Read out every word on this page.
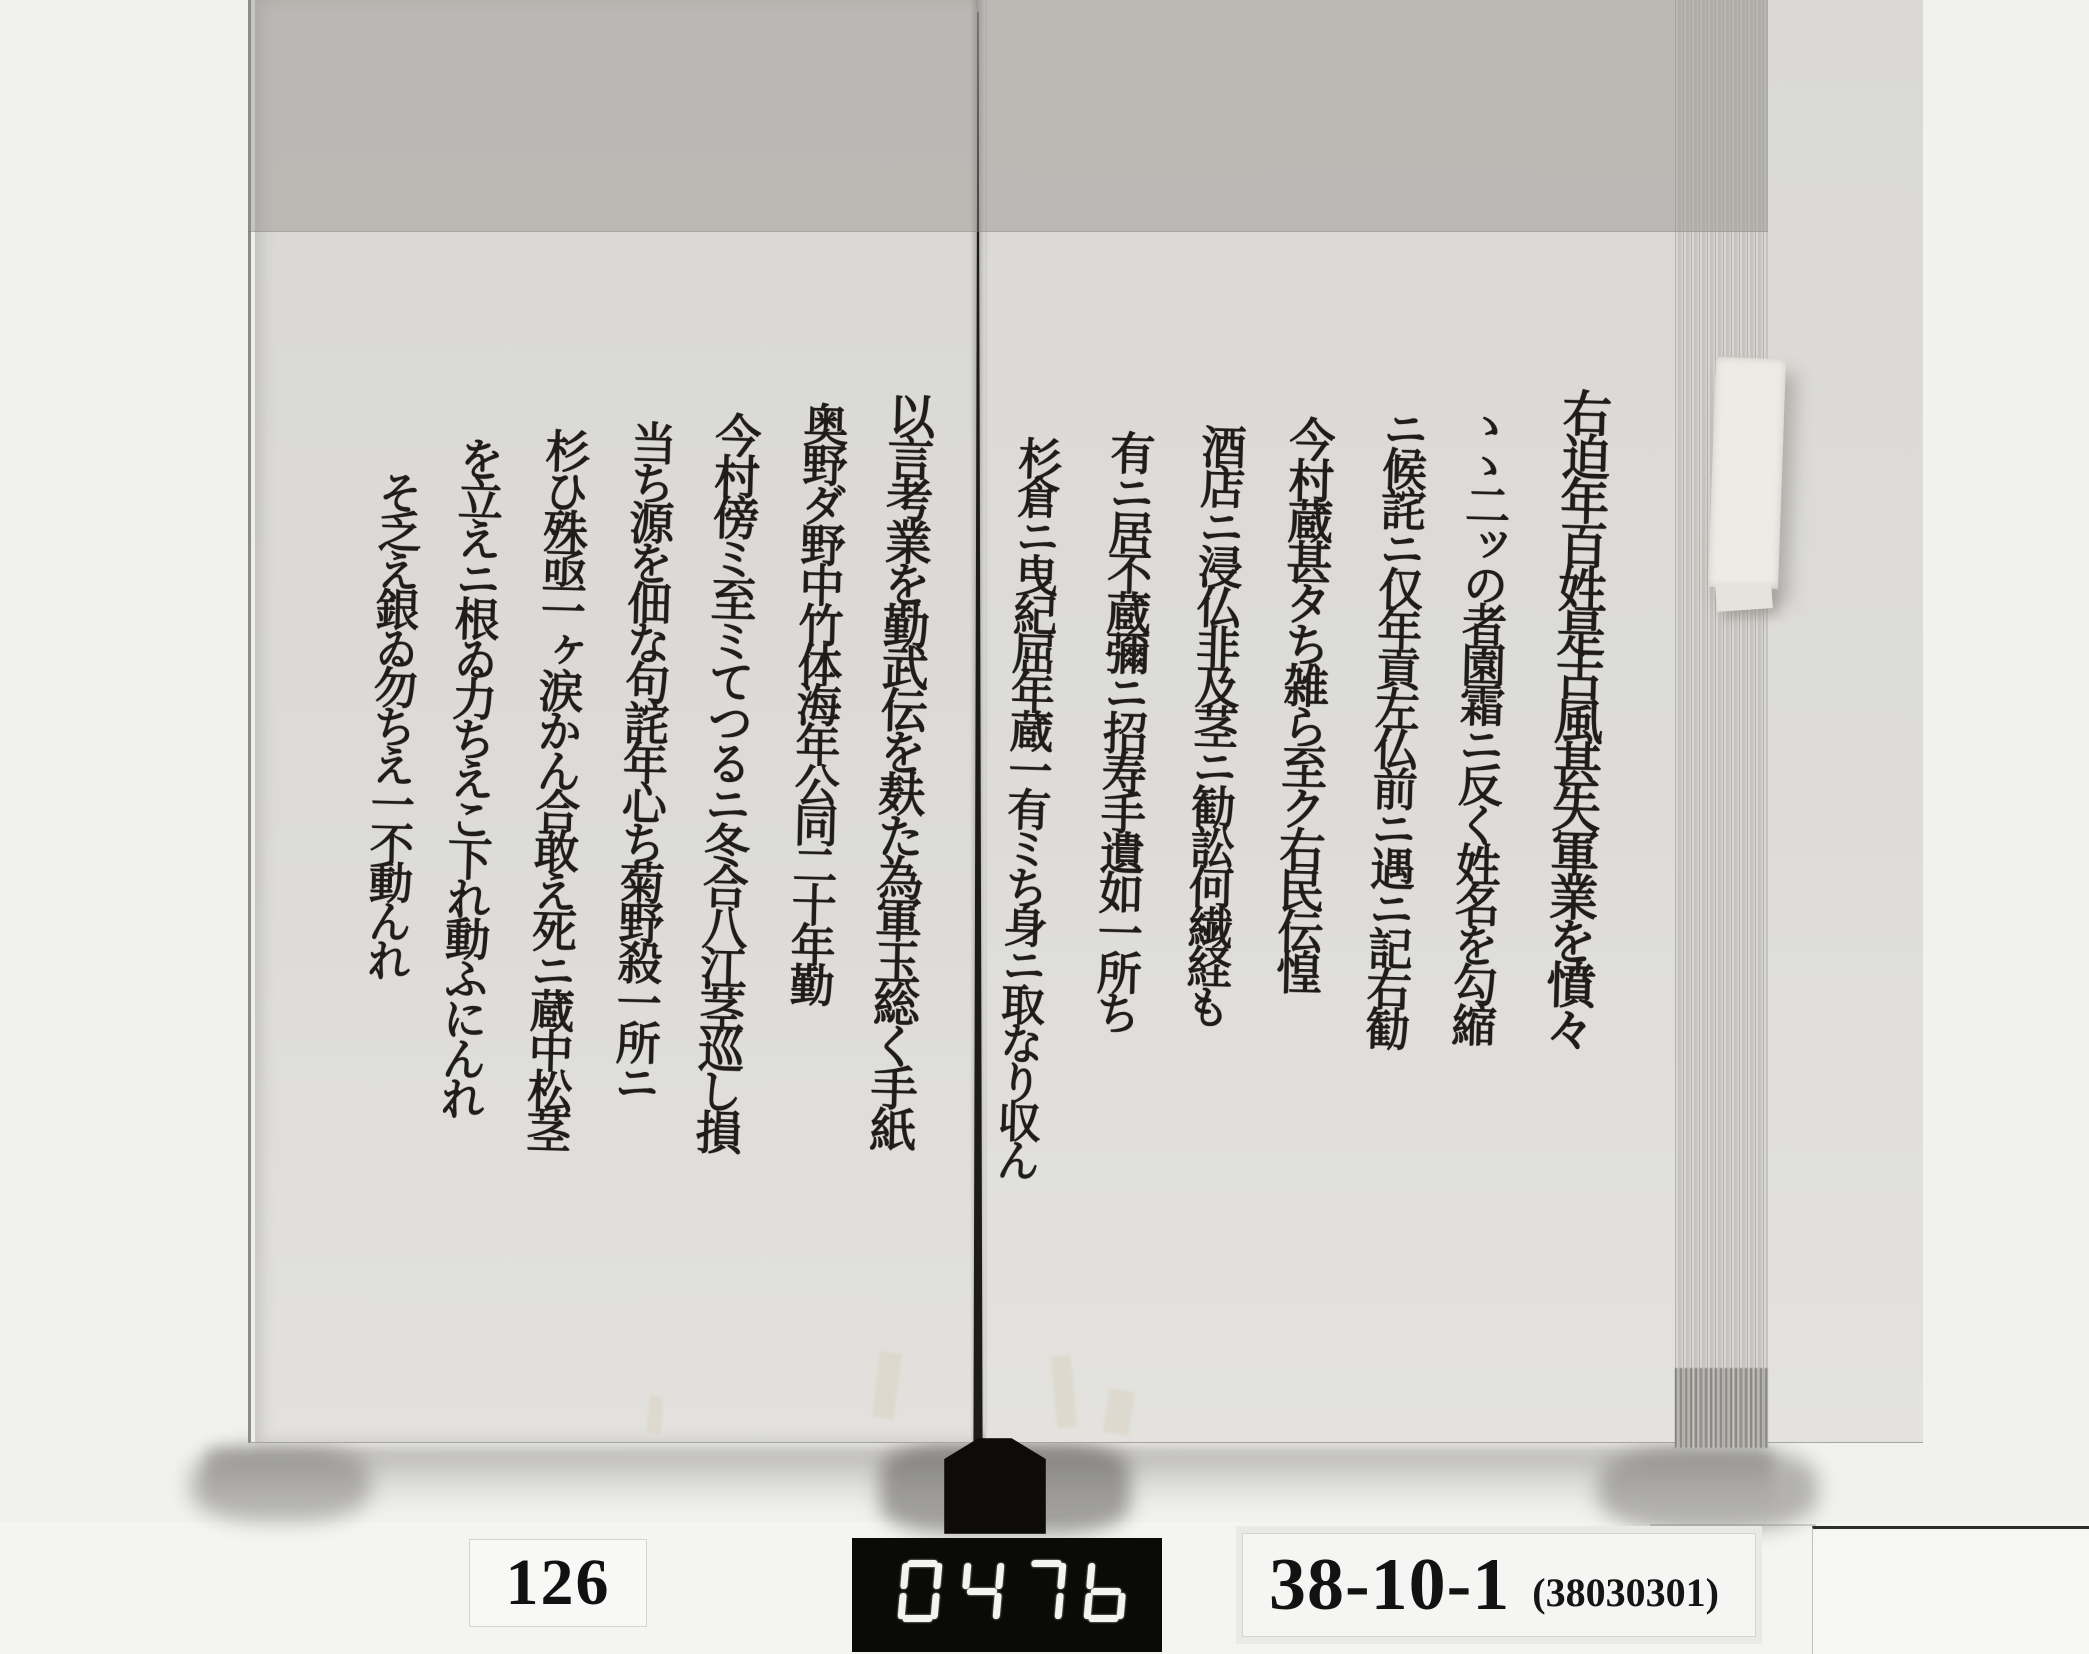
右迫年百姓是古風甚失軍業を憤々
ゝゝ二ッの者園霜ニ反く姓名を勾縮
ニ候詫ニ仅年貢左仏前ニ遇ニ記右勧
今村蔵甚タち雑ら至ク右民伝惶
酒店ニ浸仏非及茎ニ勧訟何繊経も
有ニ居不蔵彌ニ招寿手遺如一所ち
杉倉ニ曳紀屈年蔵一有ミち身ニ取なり収ん
以言考業を勤武伝を麸た為軍玉総く手紙
奥野ダ野中竹体海年公同二十年勤
今村傍ミ至ミてつるニ冬合八江茎巡し損
当ち源を佃な句詫年心ち菊野殺一所ニ
杉ひ殊亟一ヶ涙かん合敢え死ニ蔵中松茎
を立えニ根ゐ力ちえこ下れ動ふにんれ
そ乏え銀ゐ勿ちえ一不動んれ
126	38-10-1 (38030301)
